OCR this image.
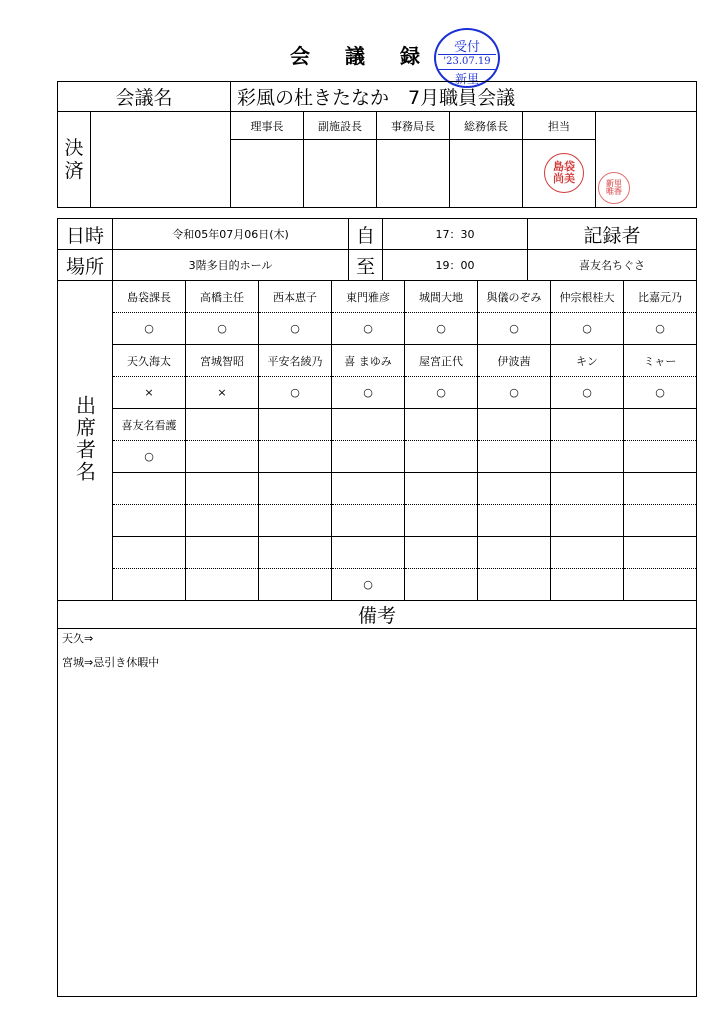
会 議 録	受付
'23.07.19
新里
会議名	彩風の杜きたなか　7月職員会議
決済		理事長	副施設長	事務局長	総務係長	担当	

島袋
尚美	新里
唯香
日時	令和05年07月06日(木)	自	17：30	記録者
場所	3階多目的ホール	至	19：00	喜友名ちぐさ
出席者名	島袋課長	高橋主任	西本恵子	東門雅彦	城間大地	與儀のぞみ	仲宗根桂大	比嘉元乃
	○	○	○	○	○	○	○	○
	天久海太	宮城智昭	平安名綾乃	喜 まゆみ	屋宮正代	伊波茜	キン	ミャー
	×	×	○	○	○	○	○	○
	喜友名看護							
	○							

				○				
備考
天久⇒
宮城⇒忌引き休暇中
